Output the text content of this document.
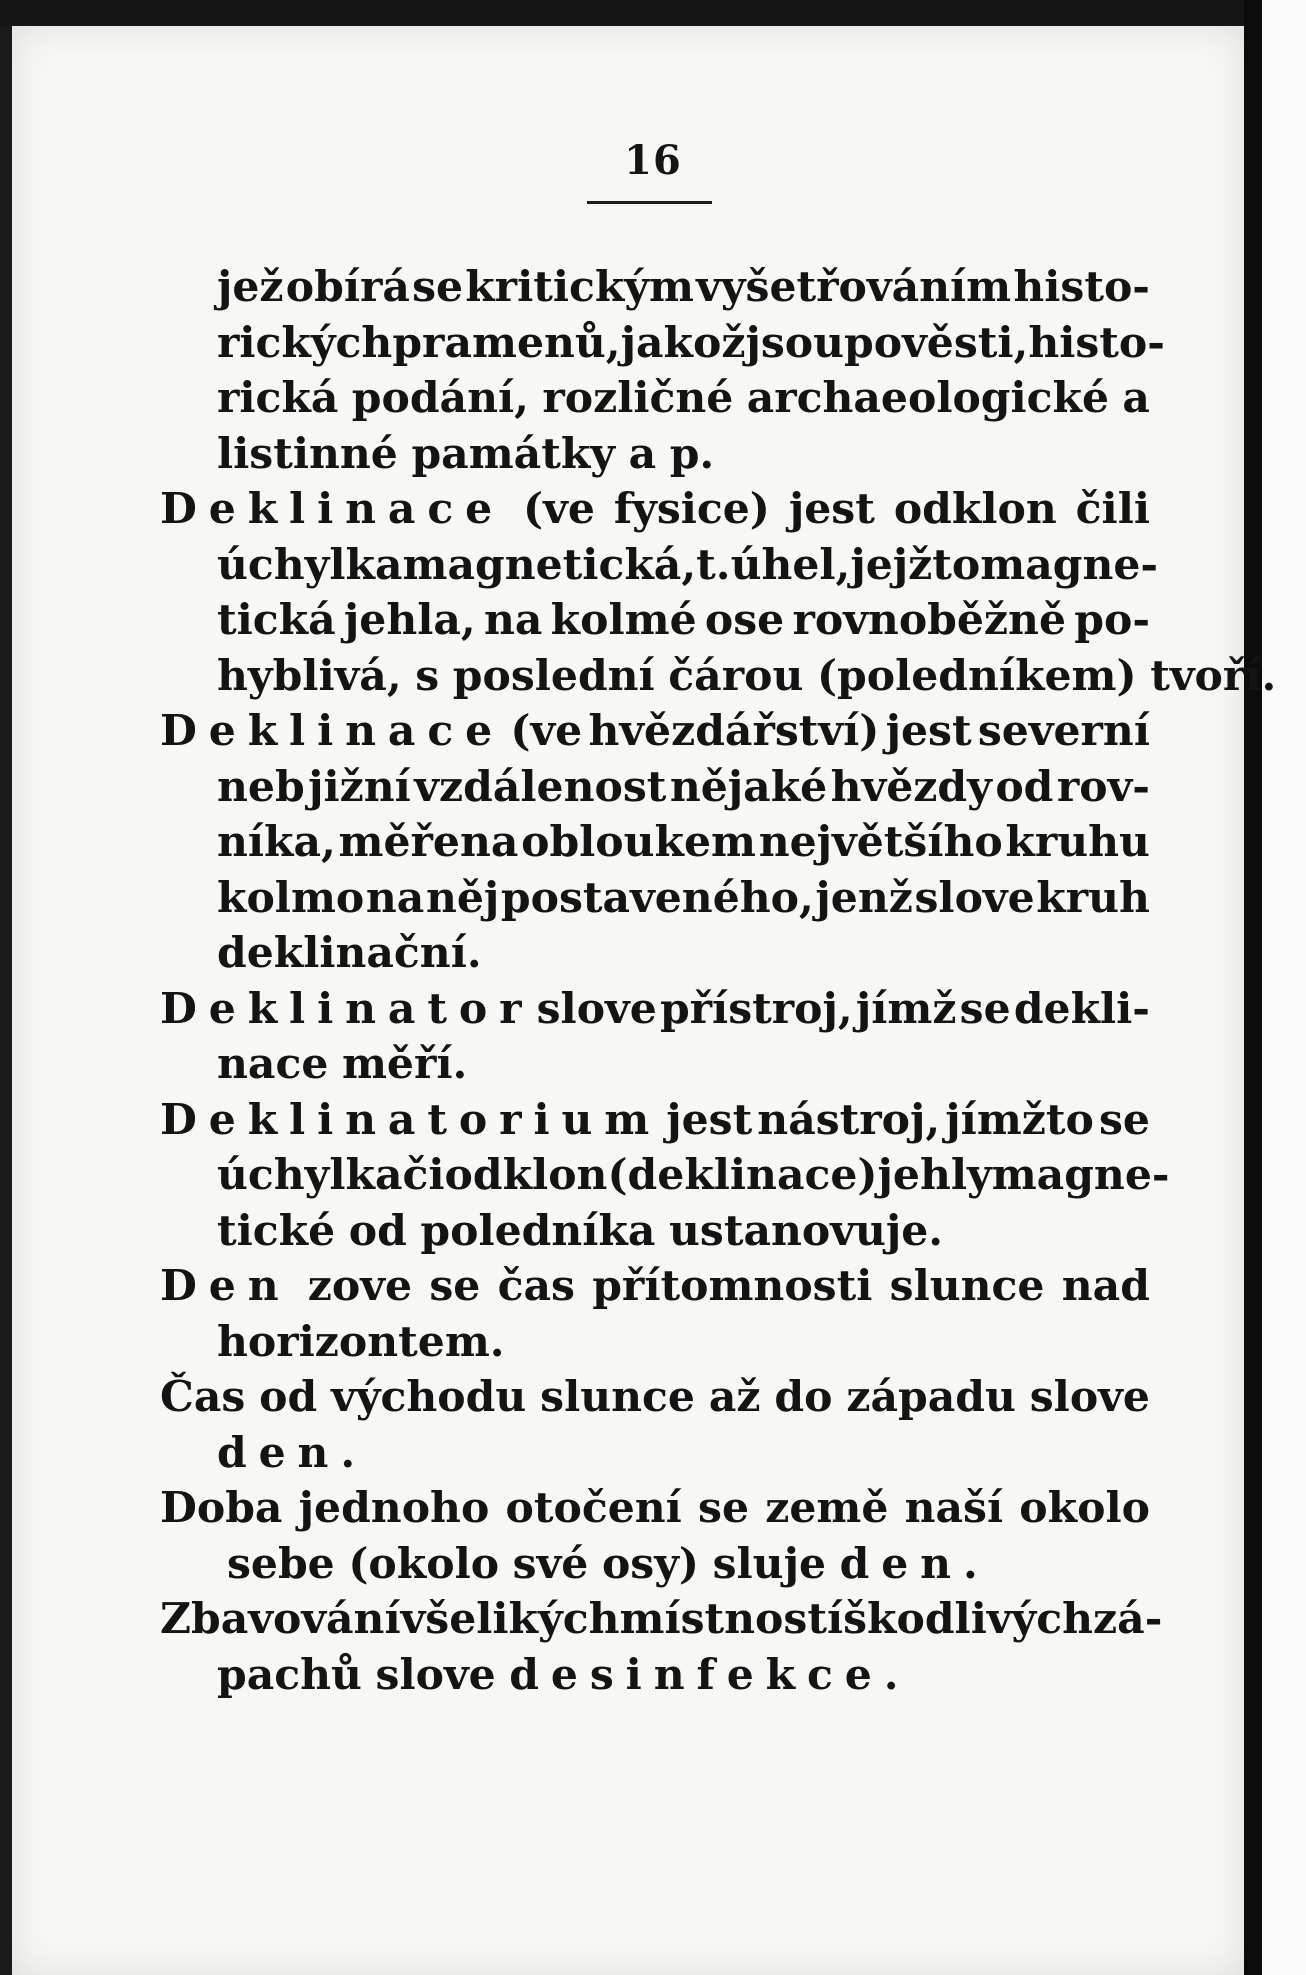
16
jež obírá se kritickým vyšetřováním histo-
rických pramenů, jakož jsou pověsti, histo-
rická podání, rozličné archaeologické a
listinné památky a p.
Deklinace (ve fysice) jest odklon čili
úchylka magnetická, t. úhel, jejžto magne-
tická jehla, na kolmé ose rovnoběžně po-
hyblivá, s poslední čárou (poledníkem) tvoří.
Deklinace (ve hvězdářství) jest severní
neb jižní vzdálenost nějaké hvězdy od rov-
níka, měřena obloukem největšího kruhu
kolmo na něj postaveného, jenž slove kruh
deklinační.
Deklinator slove přístroj, jímž se dekli-
nace měří.
Deklinatorium jest nástroj, jímžto se
úchylka či odklon (deklinace) jehly magne-
tické od poledníka ustanovuje.
Den zove se čas přítomnosti slunce nad
horizontem.
Čas od východu slunce až do západu slove
den.
Doba jednoho otočení se země naší okolo
sebe (okolo své osy) sluje den.
Zbavování všelikých místností škodlivých zá-
pachů slove desinfekce.
